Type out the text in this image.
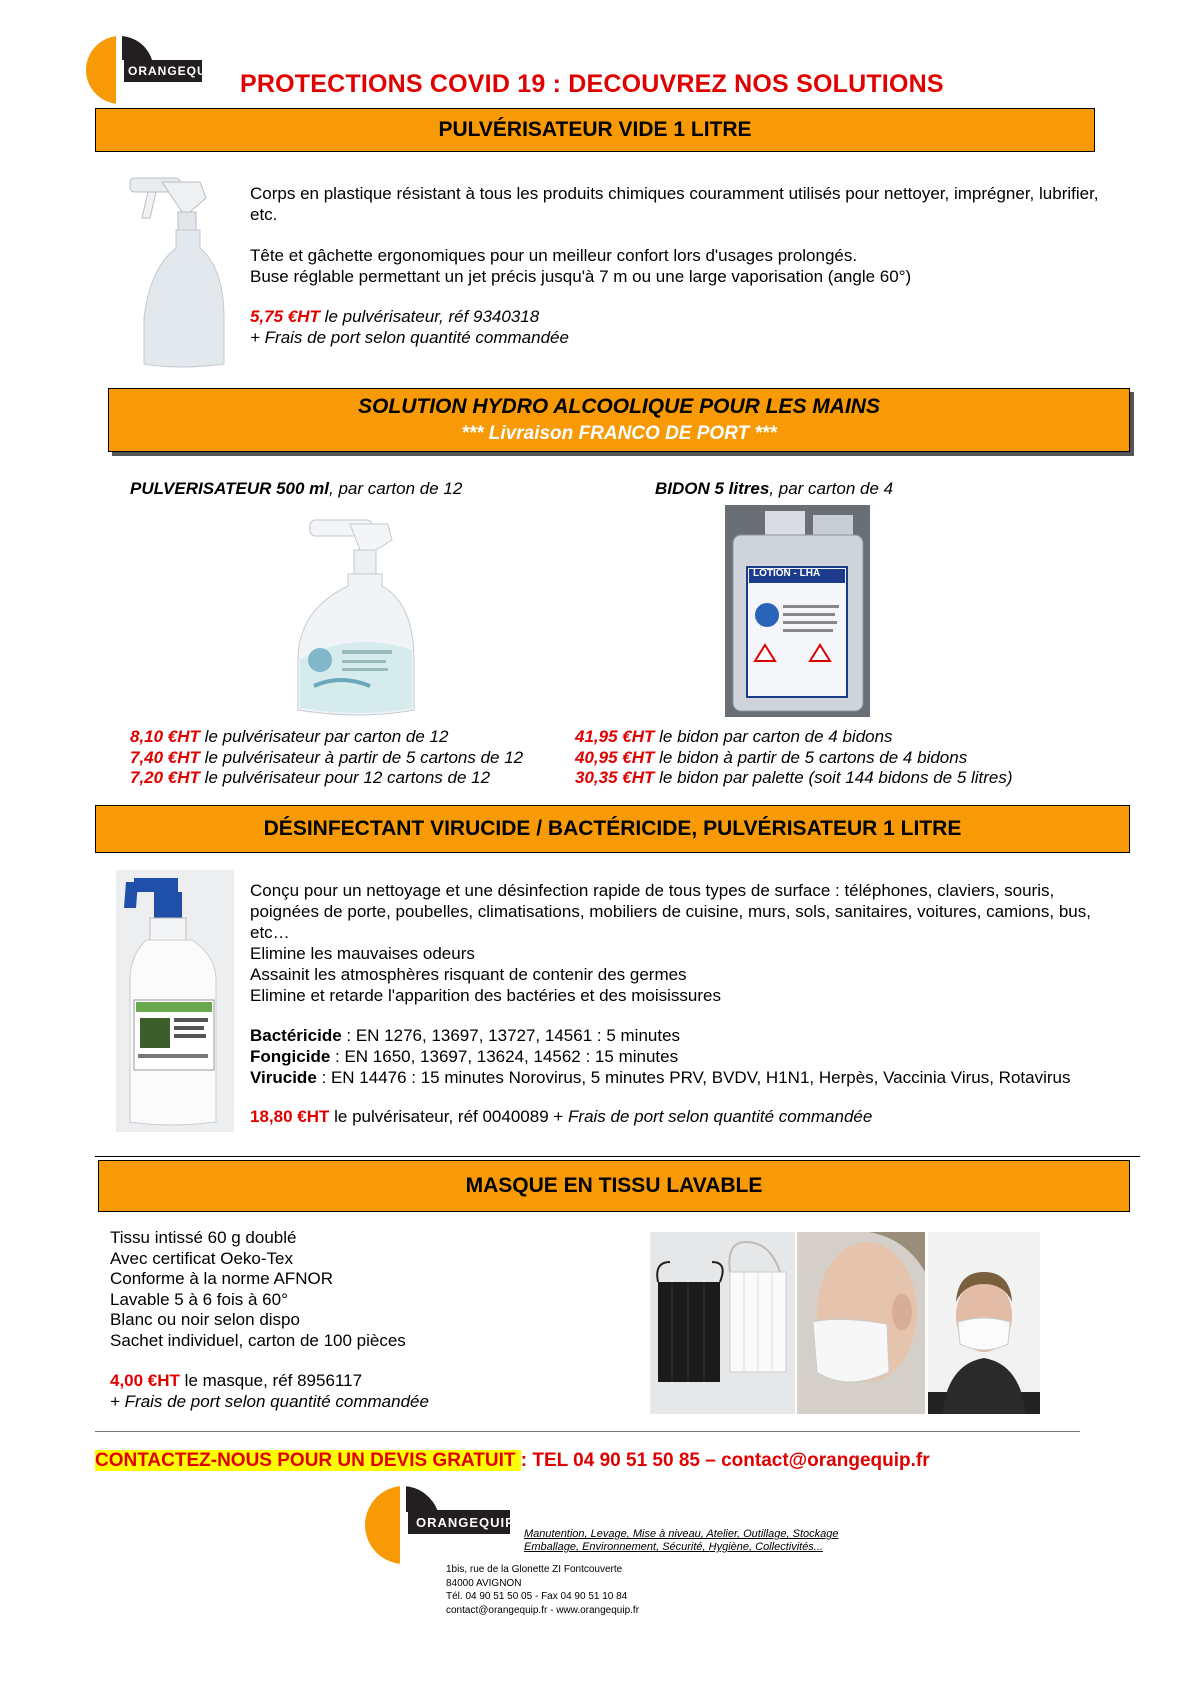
ORANGEQUIP PROTECTIONS COVID 19 : DECOUVREZ NOS SOLUTIONS
PULVÉRISATEUR VIDE 1 LITRE
Corps en plastique résistant à tous les produits chimiques couramment utilisés pour nettoyer, imprégner, lubrifier, etc.
Tête et gâchette ergonomiques pour un meilleur confort lors d'usages prolongés.
Buse réglable permettant un jet précis jusqu'à 7 m ou une large vaporisation (angle 60°)
5,75 €HT le pulvérisateur, réf 9340318
+ Frais de port selon quantité commandée
SOLUTION HYDRO ALCOOLIQUE POUR LES MAINS
*** Livraison FRANCO DE PORT ***
PULVERISATEUR 500 ml, par carton de 12	BIDON 5 litres, par carton de 4
LOTION - LHA
8,10 €HT le pulvérisateur par carton de 12
7,40 €HT le pulvérisateur à partir de 5 cartons de 12
7,20 €HT le pulvérisateur pour 12 cartons de 12
41,95 €HT le bidon par carton de 4 bidons
40,95 €HT le bidon à partir de 5 cartons de 4 bidons
30,35 €HT le bidon par palette (soit 144 bidons de 5 litres)
DÉSINFECTANT VIRUCIDE / BACTÉRICIDE, PULVÉRISATEUR 1 LITRE
Conçu pour un nettoyage et une désinfection rapide de tous types de surface : téléphones, claviers, souris, poignées de porte, poubelles, climatisations, mobiliers de cuisine, murs, sols, sanitaires, voitures, camions, bus, etc…
Elimine les mauvaises odeurs
Assainit les atmosphères risquant de contenir des germes
Elimine et retarde l'apparition des bactéries et des moisissures
Bactéricide : EN 1276, 13697, 13727, 14561 : 5 minutes
Fongicide : EN 1650, 13697, 13624, 14562 : 15 minutes
Virucide : EN 14476 : 15 minutes Norovirus, 5 minutes PRV, BVDV, H1N1, Herpès, Vaccinia Virus, Rotavirus
18,80 €HT le pulvérisateur, réf 0040089 + Frais de port selon quantité commandée
MASQUE EN TISSU LAVABLE
Tissu intissé 60 g doublé
Avec certificat Oeko-Tex
Conforme à la norme AFNOR
Lavable 5 à 6 fois à 60°
Blanc ou noir selon dispo
Sachet individuel, carton de 100 pièces
4,00 €HT le masque, réf 8956117
+ Frais de port selon quantité commandée
CONTACTEZ-NOUS POUR UN DEVIS GRATUIT : TEL 04 90 51 50 85 – contact@orangequip.fr
ORANGEQUIP
Manutention, Levage, Mise à niveau, Atelier, Outillage, Stockage
Emballage, Environnement, Sécurité, Hygiène, Collectivités...
1bis, rue de la Glonette ZI Fontcouverte
84000 AVIGNON
Tél. 04 90 51 50 05 - Fax 04 90 51 10 84
contact@orangequip.fr - www.orangequip.fr
